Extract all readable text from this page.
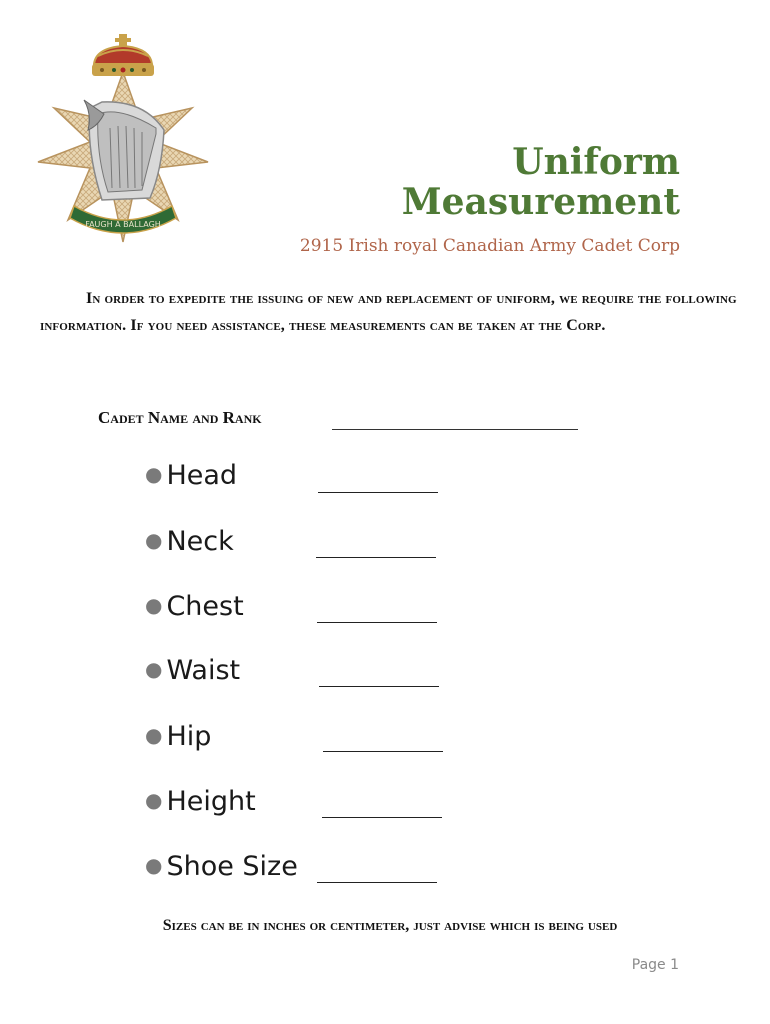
FAUGH A BALLAGH
Uniform
Measurement
2915 Irish royal Canadian Army Cadet Corp

In order to expedite the issuing of new and replacement of uniform, we require the following information. If you need assistance, these measurements can be taken at the Corp.

Cadet Name and Rank
● Head
● Neck
● Chest
● Waist
● Hip
● Height
● Shoe Size

Sizes can be in inches or centimeter, just advise which is being used

Page 1
